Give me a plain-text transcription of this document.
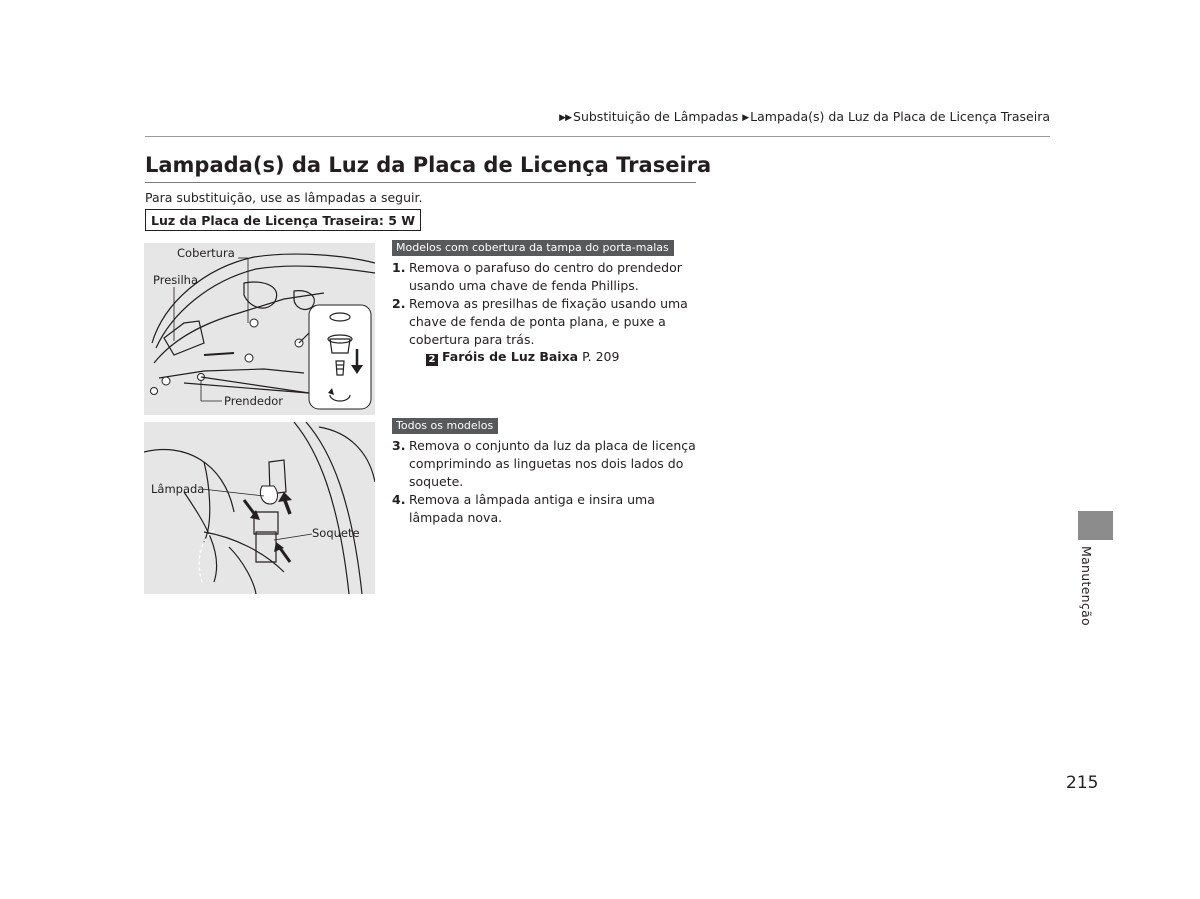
▶▶ Substituição de Lâmpadas ▶ Lampada(s) da Luz da Placa de Licença Traseira
Lampada(s) da Luz da Placa de Licença Traseira
Para substituição, use as lâmpadas a seguir.
Luz da Placa de Licença Traseira: 5 W
Cobertura
Presilha
Prendedor
Lâmpada
Soquete
Modelos com cobertura da tampa do porta-malas
1. Remova o parafuso do centro do prendedor usando uma chave de fenda Phillips.
2. Remova as presilhas de fixação usando uma chave de fenda de ponta plana, e puxe a cobertura para trás.
2 Faróis de Luz Baixa P. 209
Todos os modelos
3. Remova o conjunto da luz da placa de licença comprimindo as linguetas nos dois lados do soquete.
4. Remova a lâmpada antiga e insira uma lâmpada nova.
Manutenção
215
